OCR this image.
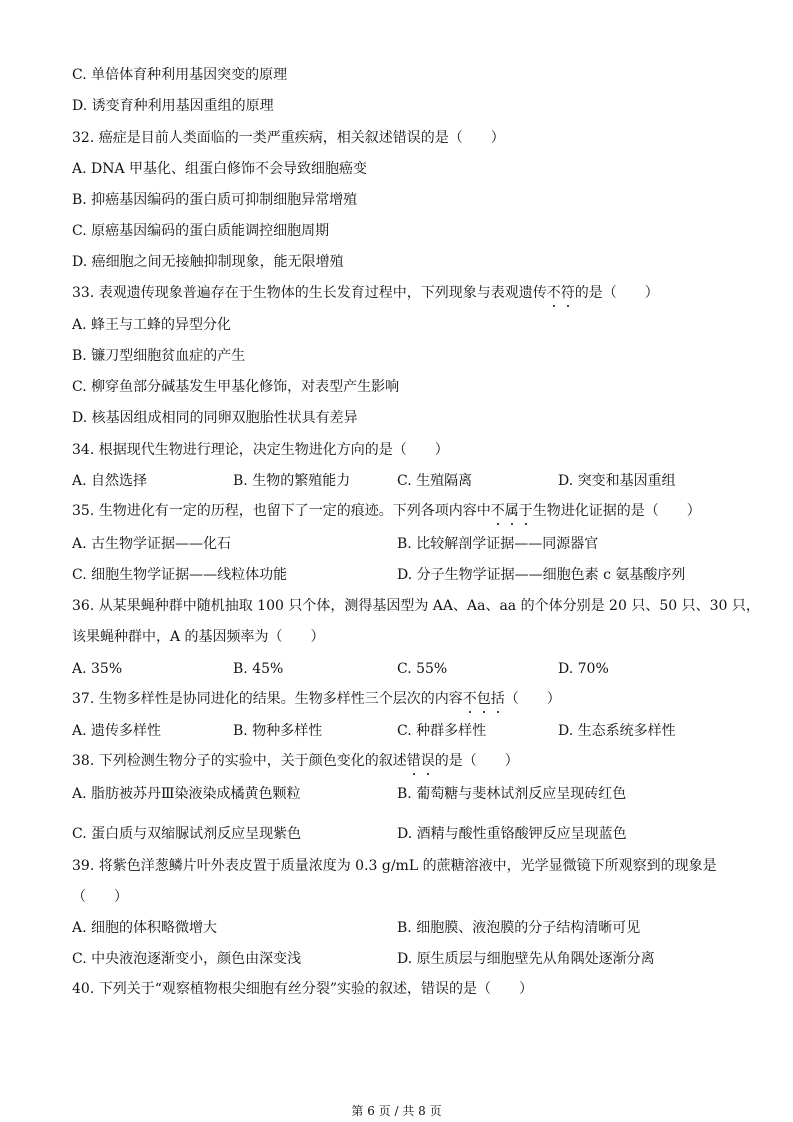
C. 单倍体育种利用基因突变的原理
D. 诱变育种利用基因重组的原理
32. 癌症是目前人类面临的一类严重疾病，相关叙述错误的是（　　）
A. DNA 甲基化、组蛋白修饰不会导致细胞癌变
B. 抑癌基因编码的蛋白质可抑制细胞异常增殖
C. 原癌基因编码的蛋白质能调控细胞周期
D. 癌细胞之间无接触抑制现象，能无限增殖
33. 表观遗传现象普遍存在于生物体的生长发育过程中，下列现象与表观遗传不符的是（　　）
A. 蜂王与工蜂的异型分化
B. 镰刀型细胞贫血症的产生
C. 柳穿鱼部分碱基发生甲基化修饰，对表型产生影响
D. 核基因组成相同的同卵双胞胎性状具有差异
34. 根据现代生物进行理论，决定生物进化方向的是（　　）
A. 自然选择	B. 生物的繁殖能力	C. 生殖隔离	D. 突变和基因重组
35. 生物进化有一定的历程，也留下了一定的痕迹。下列各项内容中不属于生物进化证据的是（　　）
A. 古生物学证据——化石	B. 比较解剖学证据——同源器官
C. 细胞生物学证据——线粒体功能	D. 分子生物学证据——细胞色素 c 氨基酸序列
36. 从某果蝇种群中随机抽取 100 只个体，测得基因型为 AA、Aa、aa 的个体分别是 20 只、50 只、30 只，
该果蝇种群中，A 的基因频率为（　　）
A. 35%	B. 45%	C. 55%	D. 70%
37. 生物多样性是协同进化的结果。生物多样性三个层次的内容不包括（　　）
A. 遗传多样性	B. 物种多样性	C. 种群多样性	D. 生态系统多样性
38. 下列检测生物分子的实验中，关于颜色变化的叙述错误的是（　　）
A. 脂肪被苏丹Ⅲ染液染成橘黄色颗粒	B. 葡萄糖与斐林试剂反应呈现砖红色
C. 蛋白质与双缩脲试剂反应呈现紫色	D. 酒精与酸性重铬酸钾反应呈现蓝色
39. 将紫色洋葱鳞片叶外表皮置于质量浓度为 0.3 g/mL 的蔗糖溶液中，光学显微镜下所观察到的现象是
（　　）
A. 细胞的体积略微增大	B. 细胞膜、液泡膜的分子结构清晰可见
C. 中央液泡逐渐变小，颜色由深变浅	D. 原生质层与细胞壁先从角隅处逐渐分离
40. 下列关于“观察植物根尖细胞有丝分裂”实验的叙述，错误的是（　　）
第 6 页 / 共 8 页
